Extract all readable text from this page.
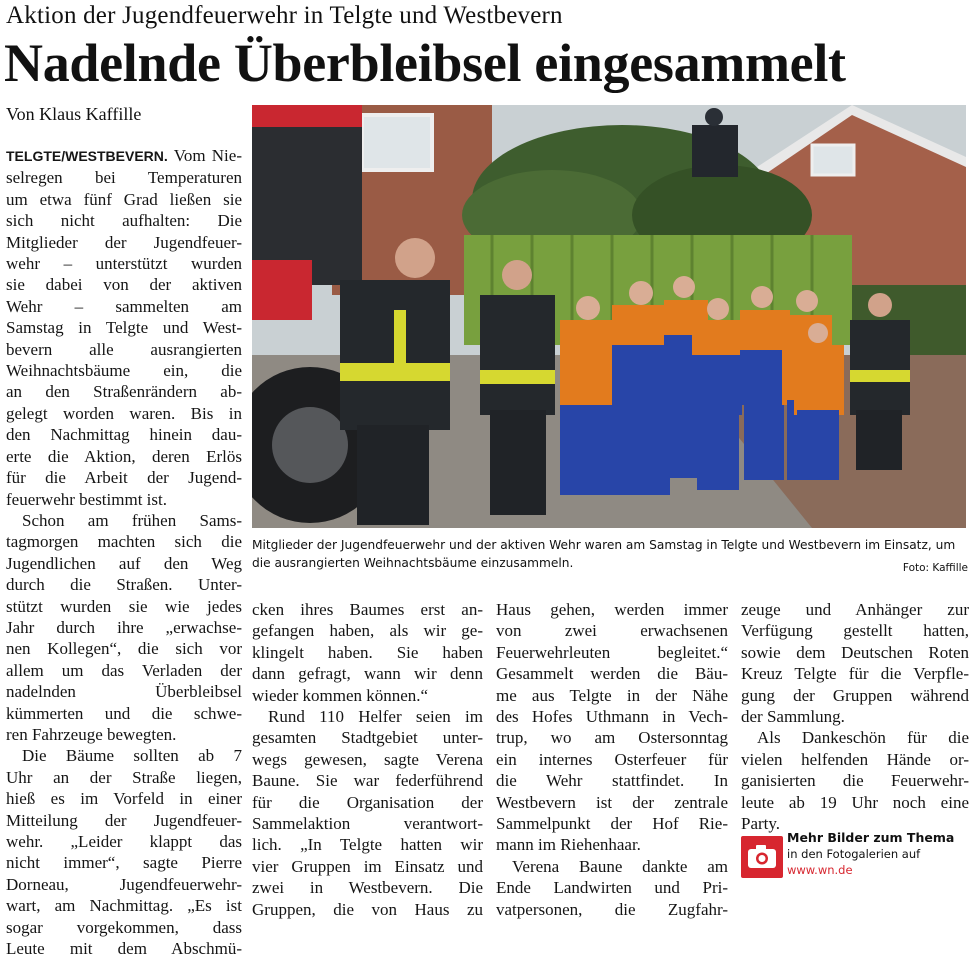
Aktion der Jugendfeuerwehr in Telgte und Westbevern
Nadelnde Überbleibsel eingesammelt
Von Klaus Kaffille
TELGTE/WESTBEVERN. Vom Nie-
selregen bei Temperaturen
um etwa fünf Grad ließen sie
sich nicht aufhalten: Die
Mitglieder der Jugendfeuer-
wehr – unterstützt wurden
sie dabei von der aktiven
Wehr – sammelten am
Samstag in Telgte und West-
bevern alle ausrangierten
Weihnachtsbäume ein, die
an den Straßenrändern ab-
gelegt worden waren. Bis in
den Nachmittag hinein dau-
erte die Aktion, deren Erlös
für die Arbeit der Jugend-
feuerwehr bestimmt ist.
Schon am frühen Sams-
tagmorgen machten sich die
Jugendlichen auf den Weg
durch die Straßen. Unter-
stützt wurden sie wie jedes
Jahr durch ihre „erwachse-
nen Kollegen“, die sich vor
allem um das Verladen der
nadelnden Überbleibsel
kümmerten und die schwe-
ren Fahrzeuge bewegten.
Die Bäume sollten ab 7
Uhr an der Straße liegen,
hieß es im Vorfeld in einer
Mitteilung der Jugendfeuer-
wehr. „Leider klappt das
nicht immer“, sagte Pierre
Dorneau, Jugendfeuerwehr-
wart, am Nachmittag. „Es ist
sogar vorgekommen, dass
Leute mit dem Abschmü-
Mitglieder der Jugendfeuerwehr und der aktiven Wehr waren am Samstag in Telgte und Westbevern im Einsatz, um die ausrangierten Weihnachtsbäume einzusammeln.	Foto: Kaffille
cken ihres Baumes erst an-
gefangen haben, als wir ge-
klingelt haben. Sie haben
dann gefragt, wann wir denn
wieder kommen können.“
Rund 110 Helfer seien im
gesamten Stadtgebiet unter-
wegs gewesen, sagte Verena
Baune. Sie war federführend
für die Organisation der
Sammelaktion verantwort-
lich. „In Telgte hatten wir
vier Gruppen im Einsatz und
zwei in Westbevern. Die
Gruppen, die von Haus zu
Haus gehen, werden immer
von zwei erwachsenen
Feuerwehrleuten begleitet.“
Gesammelt werden die Bäu-
me aus Telgte in der Nähe
des Hofes Uthmann in Vech-
trup, wo am Ostersonntag
ein internes Osterfeuer für
die Wehr stattfindet. In
Westbevern ist der zentrale
Sammelpunkt der Hof Rie-
mann im Riehenhaar.
Verena Baune dankte am
Ende Landwirten und Pri-
vatpersonen, die Zugfahr-
zeuge und Anhänger zur
Verfügung gestellt hatten,
sowie dem Deutschen Roten
Kreuz Telgte für die Verpfle-
gung der Gruppen während
der Sammlung.
Als Dankeschön für die
vielen helfenden Hände or-
ganisierten die Feuerwehr-
leute ab 19 Uhr noch eine
Party.
Mehr Bilder zum Thema
in den Fotogalerien auf
www.wn.de
